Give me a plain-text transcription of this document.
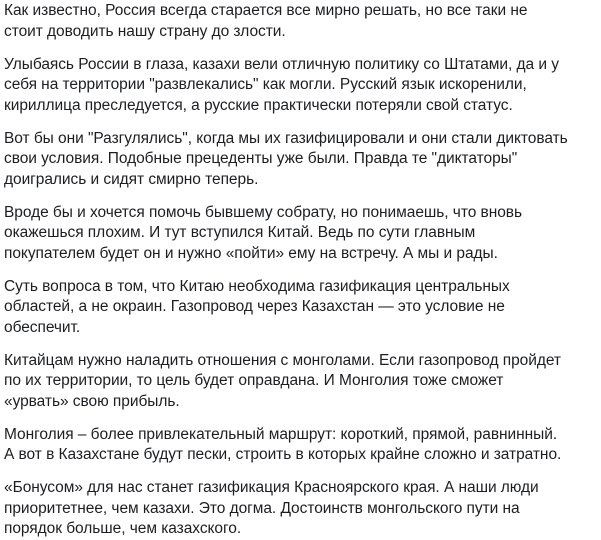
Как известно, Россия всегда старается все мирно решать, но все таки не
стоит доводить нашу страну до злости.

Улыбаясь России в глаза, казахи вели отличную политику со Штатами, да и у
себя на территории "развлекались" как могли. Русский язык искоренили,
кириллица преследуется, а русские практически потеряли свой статус.

Вот бы они "Разгулялись", когда мы их газифицировали и они стали диктовать
свои условия. Подобные прецеденты уже были. Правда те "диктаторы"
доигрались и сидят смирно теперь.

Вроде бы и хочется помочь бывшему собрату, но понимаешь, что вновь
окажешься плохим. И тут вступился Китай. Ведь по сути главным
покупателем будет он и нужно «пойти» ему на встречу. А мы и рады.

Суть вопроса в том, что Китаю необходима газификация центральных
областей, а не окраин. Газопровод через Казахстан — это условие не
обеспечит.

Китайцам нужно наладить отношения с монголами. Если газопровод пройдет
по их территории, то цель будет оправдана. И Монголия тоже сможет
«урвать» свою прибыль.

Монголия – более привлекательный маршрут: короткий, прямой, равнинный.
А вот в Казахстане будут пески, строить в которых крайне сложно и затратно.

«Бонусом» для нас станет газификация Красноярского края. А наши люди
приоритетнее, чем казахи. Это догма. Достоинств монгольского пути на
порядок больше, чем казахского.
